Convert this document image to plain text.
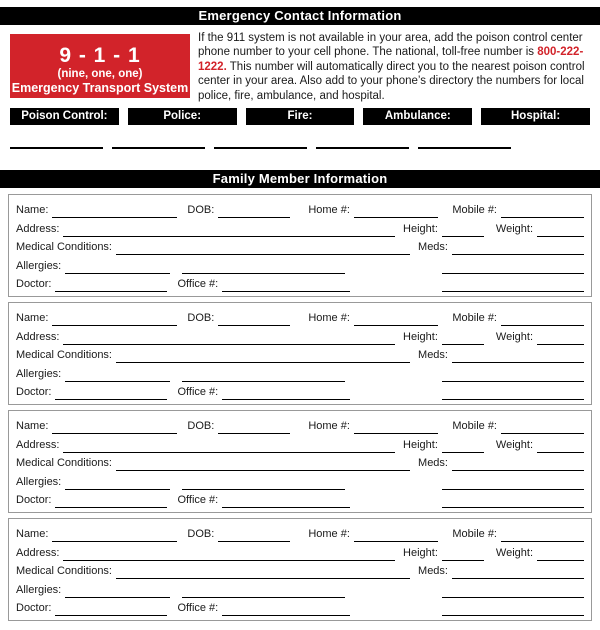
Emergency Contact Information
9 - 1 - 1
(nine, one, one)
Emergency Transport System

If the 911 system is not available in your area, add the poison control center phone number to your cell phone. The national, toll-free number is 800-222-1222. This number will automatically direct you to the nearest poison control center in your area. Also add to your phone’s directory the numbers for local police, fire, ambulance, and hospital.

Poison Control:	Police:	Fire:	Ambulance:	Hospital:
Family Member Information
Name:	DOB:	Home #:	Mobile #:
Address:	Height:	Weight:
Medical Conditions:	Meds:
Allergies:
Doctor:	Office #:
Name:	DOB:	Home #:	Mobile #:
Address:	Height:	Weight:
Medical Conditions:	Meds:
Allergies:
Doctor:	Office #:
Name:	DOB:	Home #:	Mobile #:
Address:	Height:	Weight:
Medical Conditions:	Meds:
Allergies:
Doctor:	Office #:
Name:	DOB:	Home #:	Mobile #:
Address:	Height:	Weight:
Medical Conditions:	Meds:
Allergies:
Doctor:	Office #:
